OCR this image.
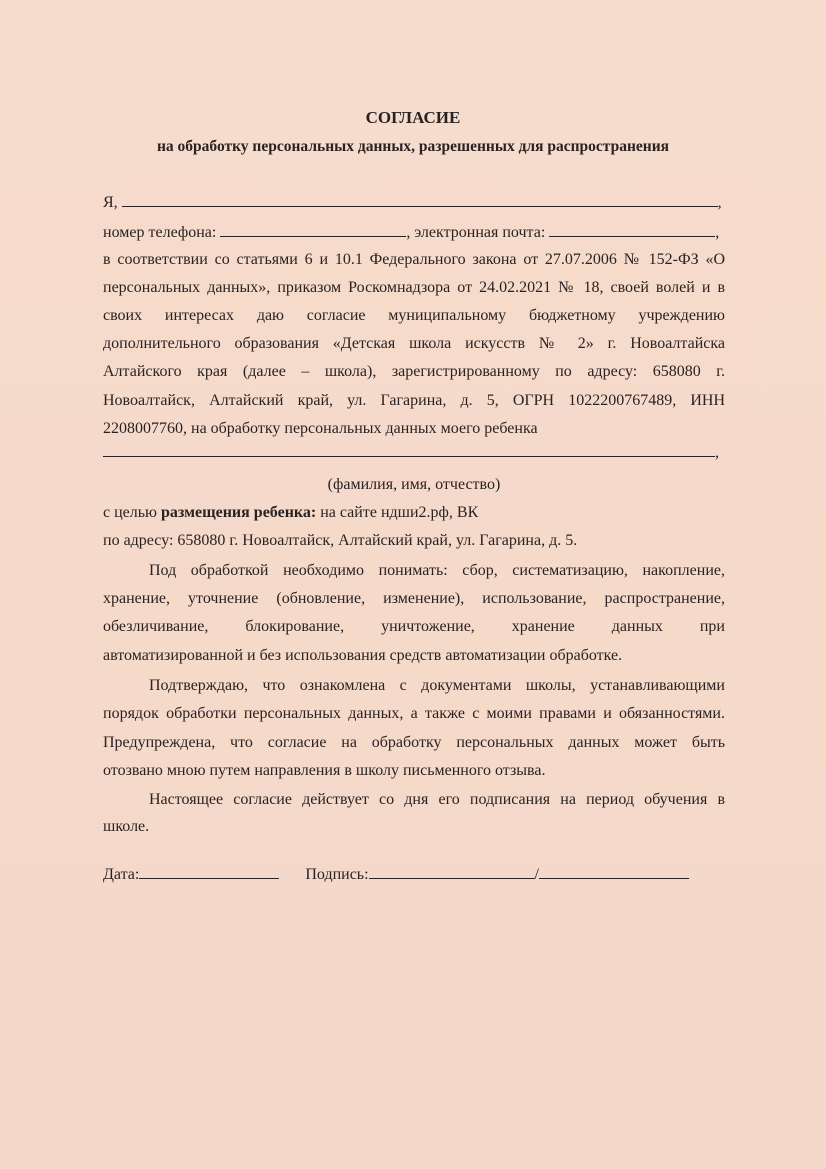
СОГЛАСИЕ
на обработку персональных данных, разрешенных для распространения
Я,	,
номер телефона:	, электронная почта:	,
в соответствии со статьями 6 и 10.1 Федерального закона от 27.07.2006 № 152-ФЗ «О
персональных данных», приказом Роскомнадзора от 24.02.2021 № 18, своей волей и в
своих интересах даю согласие муниципальному бюджетному учреждению
дополнительного образования «Детская школа искусств № 2» г. Новоалтайска
Алтайского края (далее – школа), зарегистрированному по адресу: 658080 г.
Новоалтайск, Алтайский край, ул. Гагарина, д. 5, ОГРН 1022200767489, ИНН
2208007760, на обработку персональных данных моего ребенка
,
(фамилия, имя, отчество)
с целью размещения ребенка: на сайте ндши2.рф, ВК
по адресу: 658080 г. Новоалтайск, Алтайский край, ул. Гагарина, д. 5.
Под обработкой необходимо понимать: сбор, систематизацию, накопление,
хранение, уточнение (обновление, изменение), использование, распространение,
обезличивание, блокирование, уничтожение, хранение данных при
автоматизированной и без использования средств автоматизации обработке.
Подтверждаю, что ознакомлена с документами школы, устанавливающими
порядок обработки персональных данных, а также с моими правами и обязанностями.
Предупреждена, что согласие на обработку персональных данных может быть
отозвано мною путем направления в школу письменного отзыва.
Настоящее согласие действует со дня его подписания на период обучения в
школе.
Дата:	Подпись:	/
